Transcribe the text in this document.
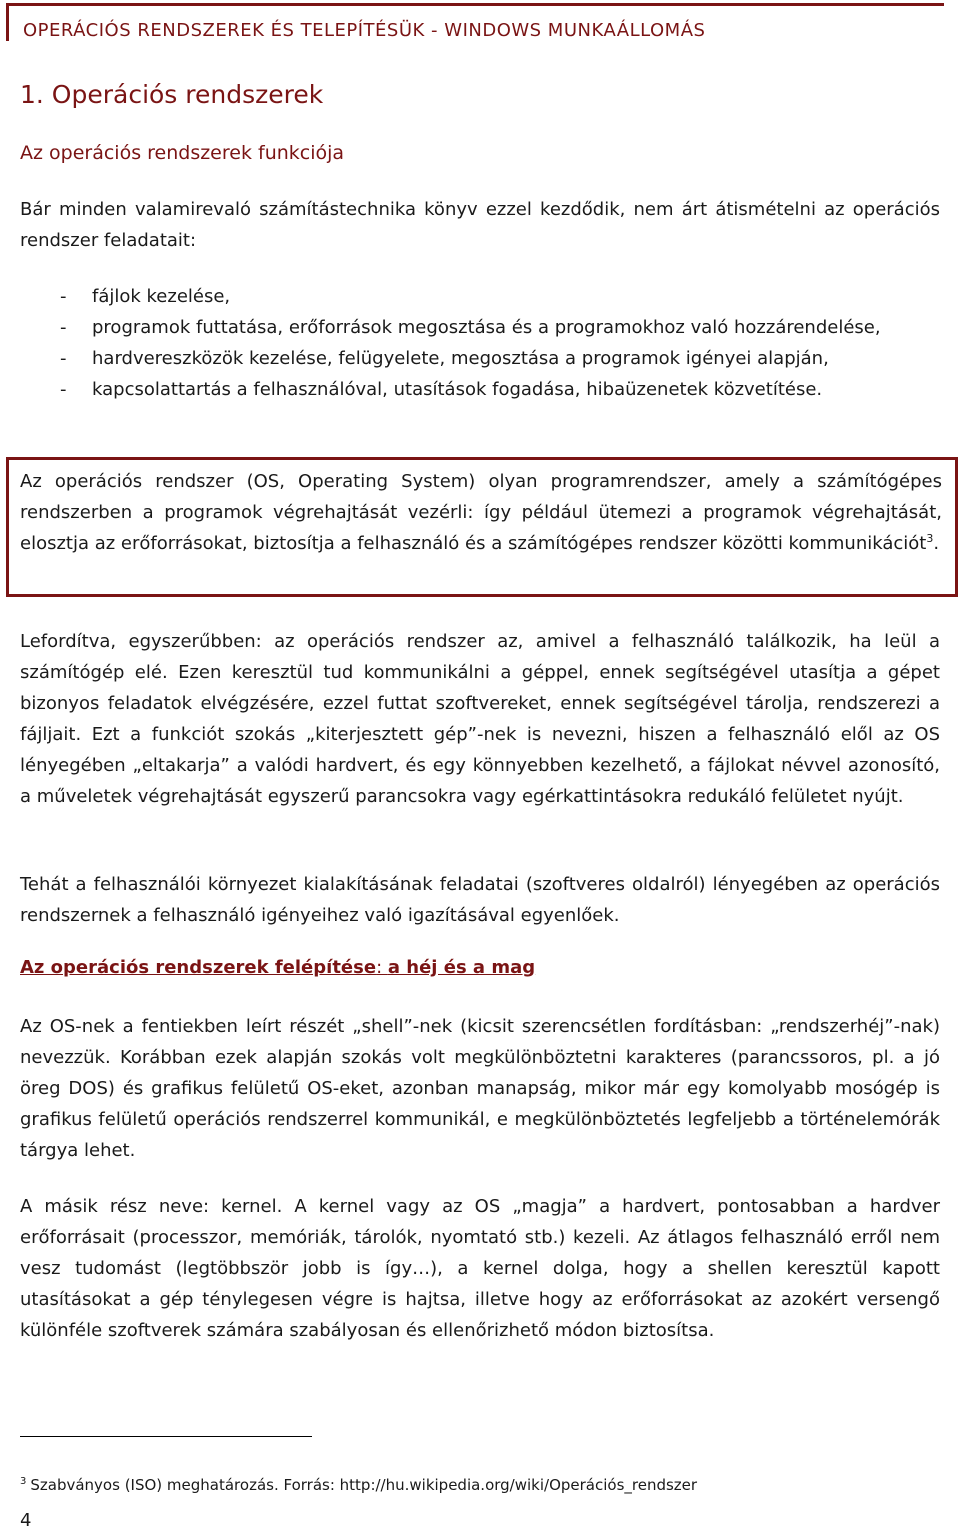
OPERÁCIÓS RENDSZEREK ÉS TELEPÍTÉSÜK - WINDOWS MUNKAÁLLOMÁS
1. Operációs rendszerek
Az operációs rendszerek funkciója

Bár minden valamirevaló számítástechnika könyv ezzel kezdődik, nem árt átismételni az operációs rendszer feladatait:

- fájlok kezelése,
- programok futtatása, erőforrások megosztása és a programokhoz való hozzárendelése,
- hardvereszközök kezelése, felügyelete, megosztása a programok igényei alapján,
- kapcsolattartás a felhasználóval, utasítások fogadása, hibaüzenetek közvetítése.

Az operációs rendszer (OS, Operating System) olyan programrendszer, amely a számítógépes rendszerben a programok végrehajtását vezérli: így például ütemezi a programok végrehajtását, elosztja az erőforrásokat, biztosítja a felhasználó és a számítógépes rendszer közötti kommunikációt$^3$.

Lefordítva, egyszerűbben: az operációs rendszer az, amivel a felhasználó találkozik, ha leül a számítógép elé. Ezen keresztül tud kommunikálni a géppel, ennek segítségével utasítja a gépet bizonyos feladatok elvégzésére, ezzel futtat szoftvereket, ennek segítségével tárolja, rendszerezi a fájljait. Ezt a funkciót szokás „kiterjesztett gép”-nek is nevezni, hiszen a felhasználó elől az OS lényegében „eltakarja” a valódi hardvert, és egy könnyebben kezelhető, a fájlokat névvel azonosító, a műveletek végrehajtását egyszerű parancsokra vagy egérkattintásokra redukáló felületet nyújt.

Tehát a felhasználói környezet kialakításának feladatai (szoftveres oldalról) lényegében az operációs rendszernek a felhasználó igényeihez való igazításával egyenlőek.

Az operációs rendszerek felépítése: a héj és a mag

Az OS-nek a fentiekben leírt részét „shell”-nek (kicsit szerencsétlen fordításban: „rendszerhéj”-nak) nevezzük. Korábban ezek alapján szokás volt megkülönböztetni karakteres (parancssoros, pl. a jó öreg DOS) és grafikus felületű OS-eket, azonban manapság, mikor már egy komolyabb mosógép is grafikus felületű operációs rendszerrel kommunikál, e megkülönböztetés legfeljebb a történelemórák tárgya lehet.

A másik rész neve: kernel. A kernel vagy az OS „magja” a hardvert, pontosabban a hardver erőforrásait (processzor, memóriák, tárolók, nyomtató stb.) kezeli. Az átlagos felhasználó erről nem vesz tudomást (legtöbbször jobb is így…), a kernel dolga, hogy a shellen keresztül kapott utasításokat a gép ténylegesen végre is hajtsa, illetve hogy az erőforrásokat az azokért versengő különféle szoftverek számára szabályosan és ellenőrizhető módon biztosítsa.

$^3$ Szabványos (ISO) meghatározás. Forrás: http://hu.wikipedia.org/wiki/Operációs_rendszer
4
